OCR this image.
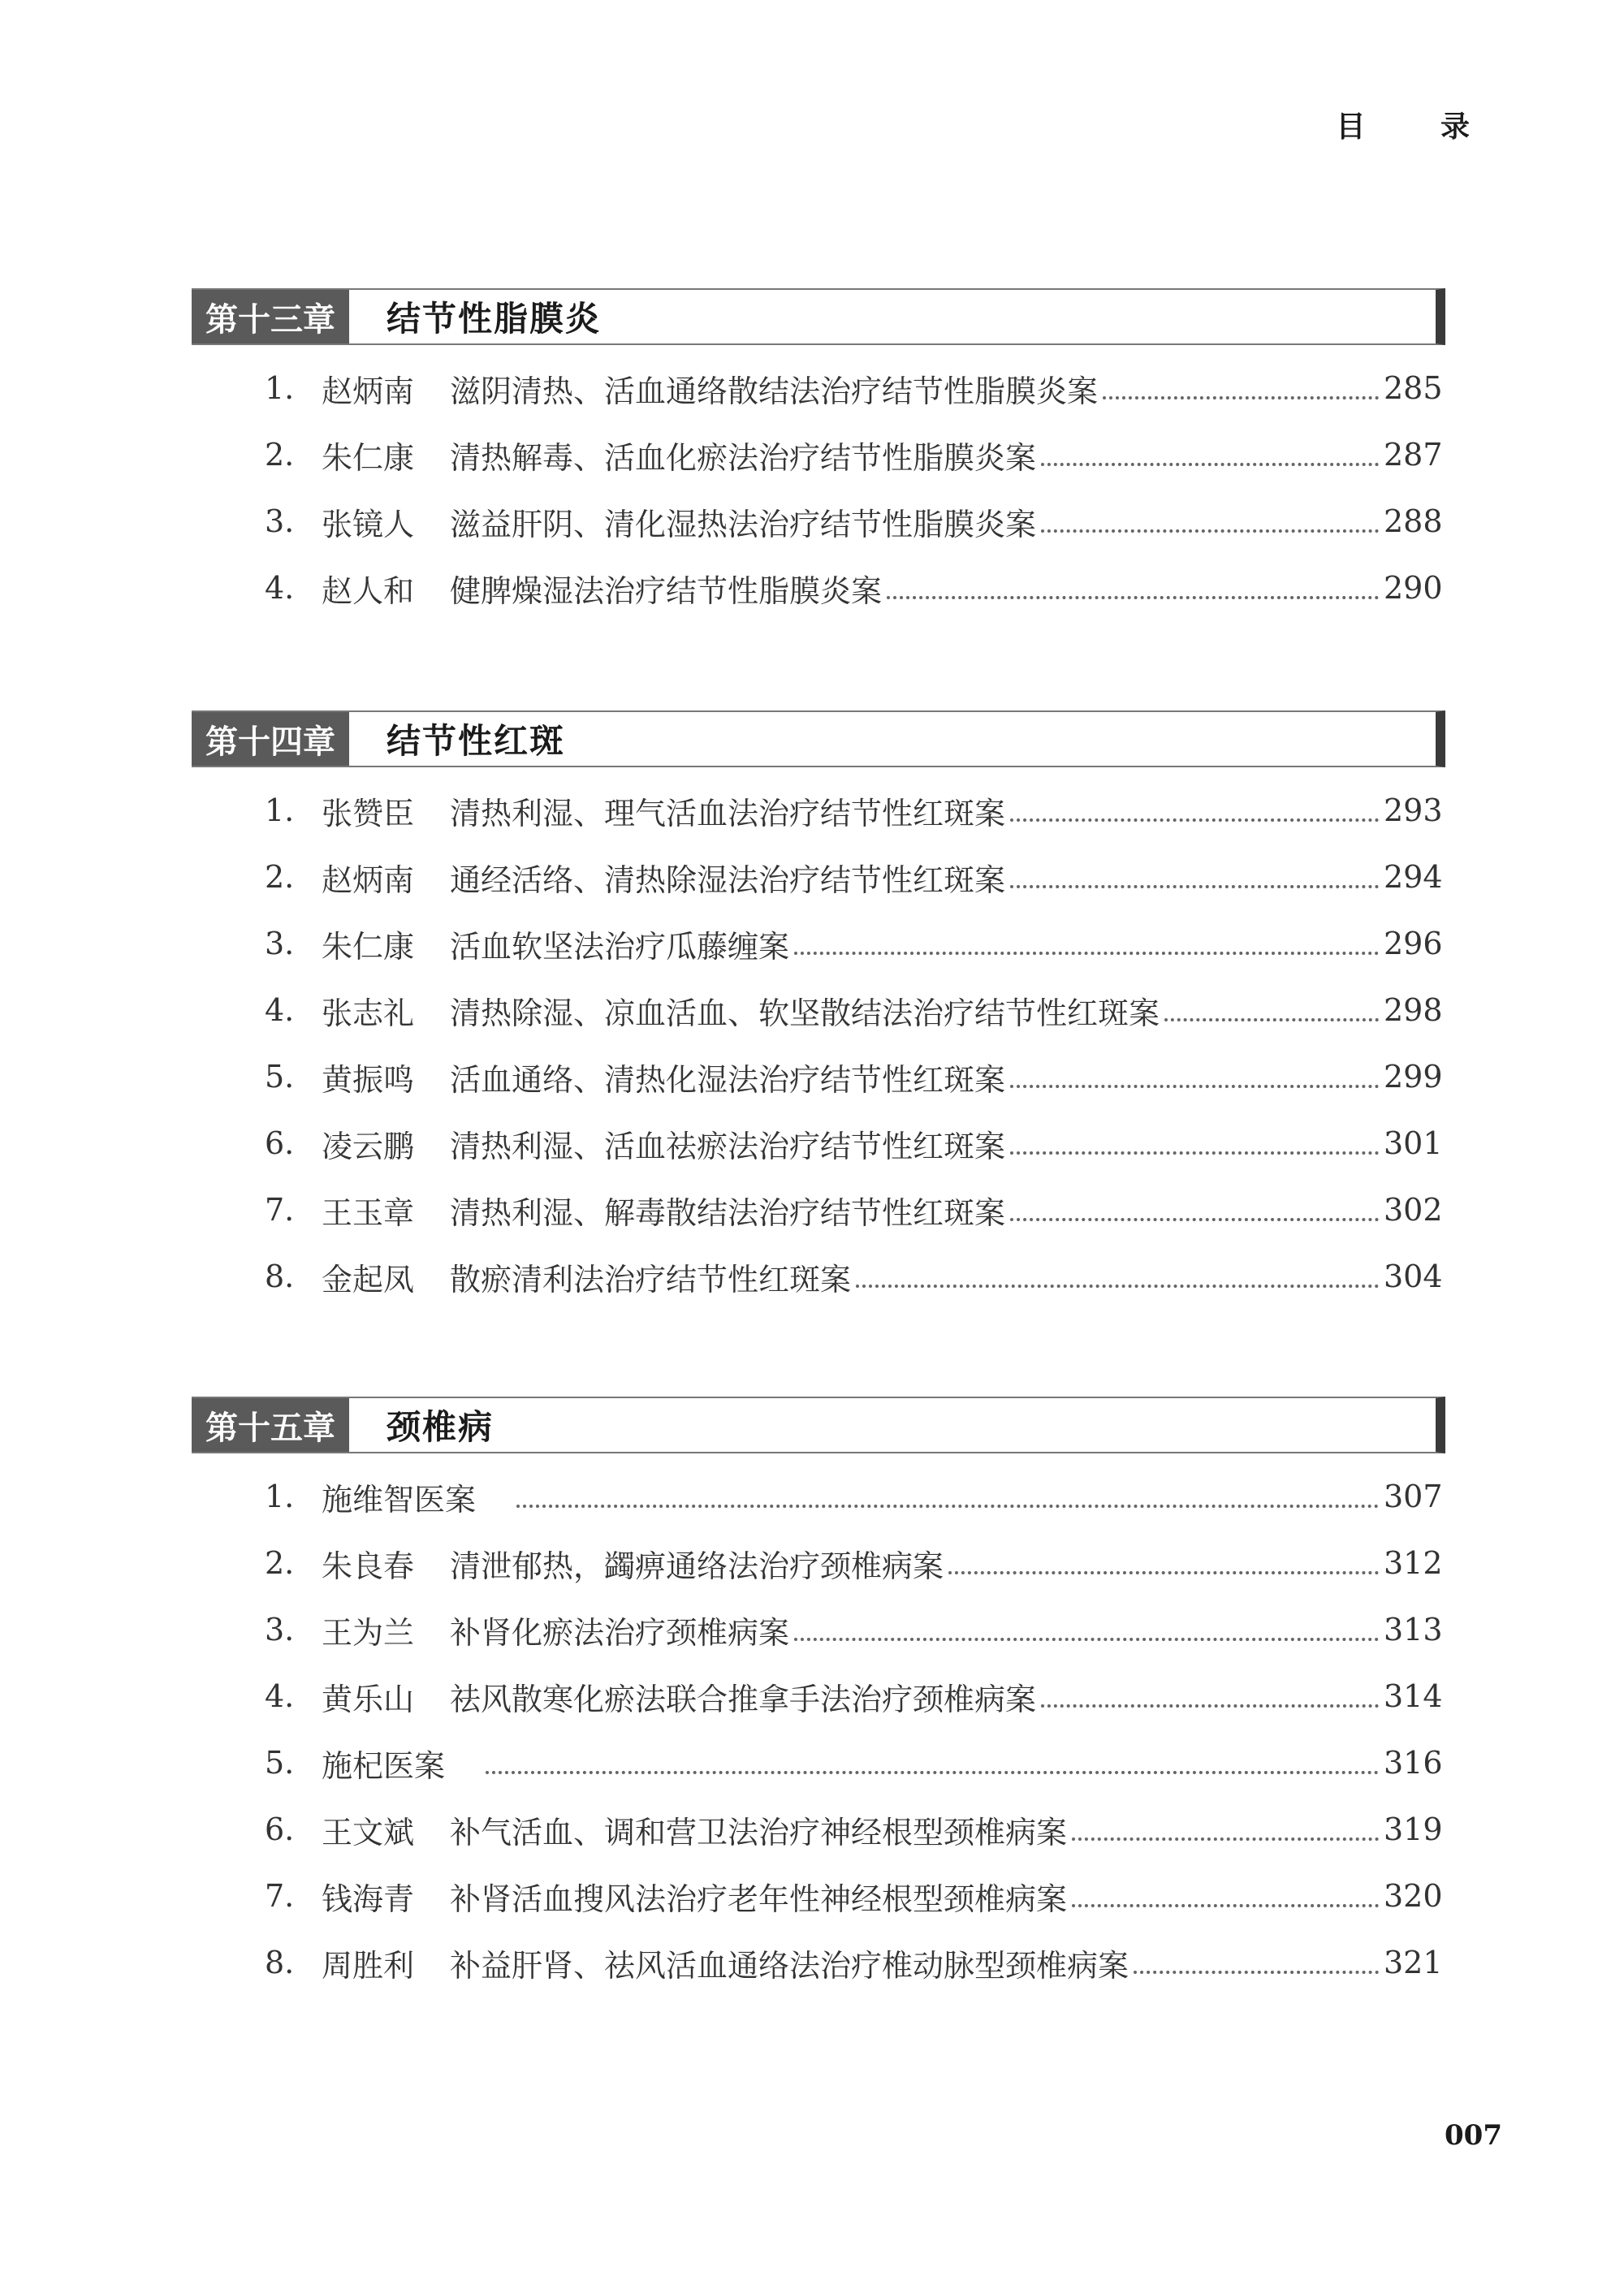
目 录
第十三章	结节性脂膜炎
1. 赵炳南 滋阴清热、活血通络散结法治疗结节性脂膜炎案	285
2. 朱仁康 清热解毒、活血化瘀法治疗结节性脂膜炎案	287
3. 张镜人 滋益肝阴、清化湿热法治疗结节性脂膜炎案	288
4. 赵人和 健脾燥湿法治疗结节性脂膜炎案	290
第十四章	结节性红斑
1. 张赞臣 清热利湿、理气活血法治疗结节性红斑案	293
2. 赵炳南 通经活络、清热除湿法治疗结节性红斑案	294
3. 朱仁康 活血软坚法治疗瓜藤缠案	296
4. 张志礼 清热除湿、凉血活血、软坚散结法治疗结节性红斑案	298
5. 黄振鸣 活血通络、清热化湿法治疗结节性红斑案	299
6. 凌云鹏 清热利湿、活血祛瘀法治疗结节性红斑案	301
7. 王玉章 清热利湿、解毒散结法治疗结节性红斑案	302
8. 金起凤 散瘀清利法治疗结节性红斑案	304
第十五章	颈椎病
1. 施维智医案	307
2. 朱良春 清泄郁热，蠲痹通络法治疗颈椎病案	312
3. 王为兰 补肾化瘀法治疗颈椎病案	313
4. 黄乐山 祛风散寒化瘀法联合推拿手法治疗颈椎病案	314
5. 施杞医案	316
6. 王文斌 补气活血、调和营卫法治疗神经根型颈椎病案	319
7. 钱海青 补肾活血搜风法治疗老年性神经根型颈椎病案	320
8. 周胜利 补益肝肾、祛风活血通络法治疗椎动脉型颈椎病案	321
007
